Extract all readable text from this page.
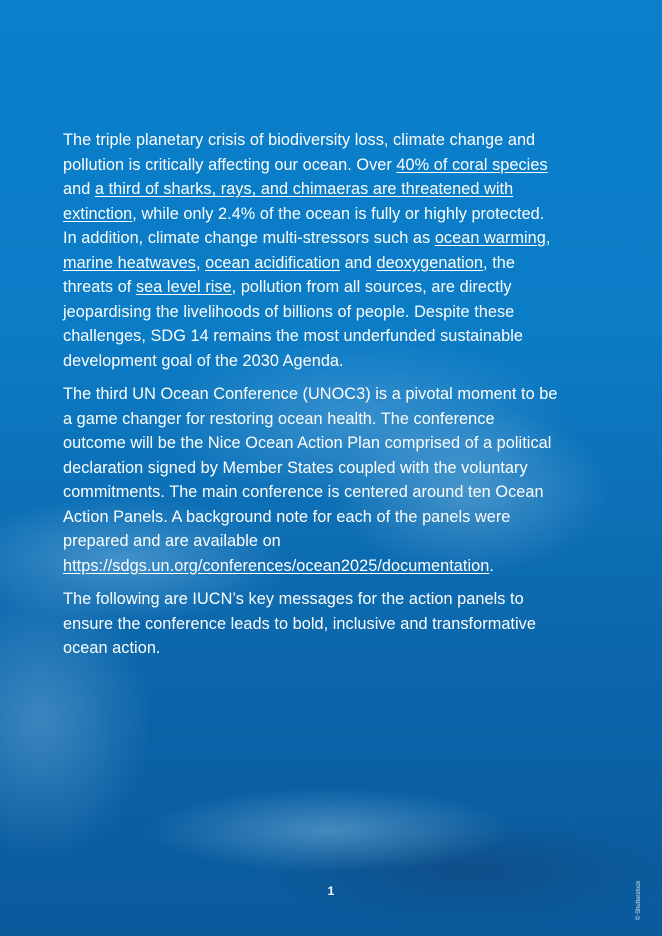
The triple planetary crisis of biodiversity loss, climate change and pollution is critically affecting our ocean. Over 40% of coral species and a third of sharks, rays, and chimaeras are threatened with extinction, while only 2.4% of the ocean is fully or highly protected. In addition, climate change multi-stressors such as ocean warming, marine heatwaves, ocean acidification and deoxygenation, the threats of sea level rise, pollution from all sources, are directly jeopardising the livelihoods of billions of people. Despite these challenges, SDG 14 remains the most underfunded sustainable development goal of the 2030 Agenda.

The third UN Ocean Conference (UNOC3) is a pivotal moment to be a game changer for restoring ocean health. The conference outcome will be the Nice Ocean Action Plan comprised of a political declaration signed by Member States coupled with the voluntary commitments. The main conference is centered around ten Ocean Action Panels. A background note for each of the panels were prepared and are available on https://sdgs.un.org/conferences/ocean2025/documentation.

The following are IUCN’s key messages for the action panels to ensure the conference leads to bold, inclusive and transformative ocean action.

1	© Shutterstock
